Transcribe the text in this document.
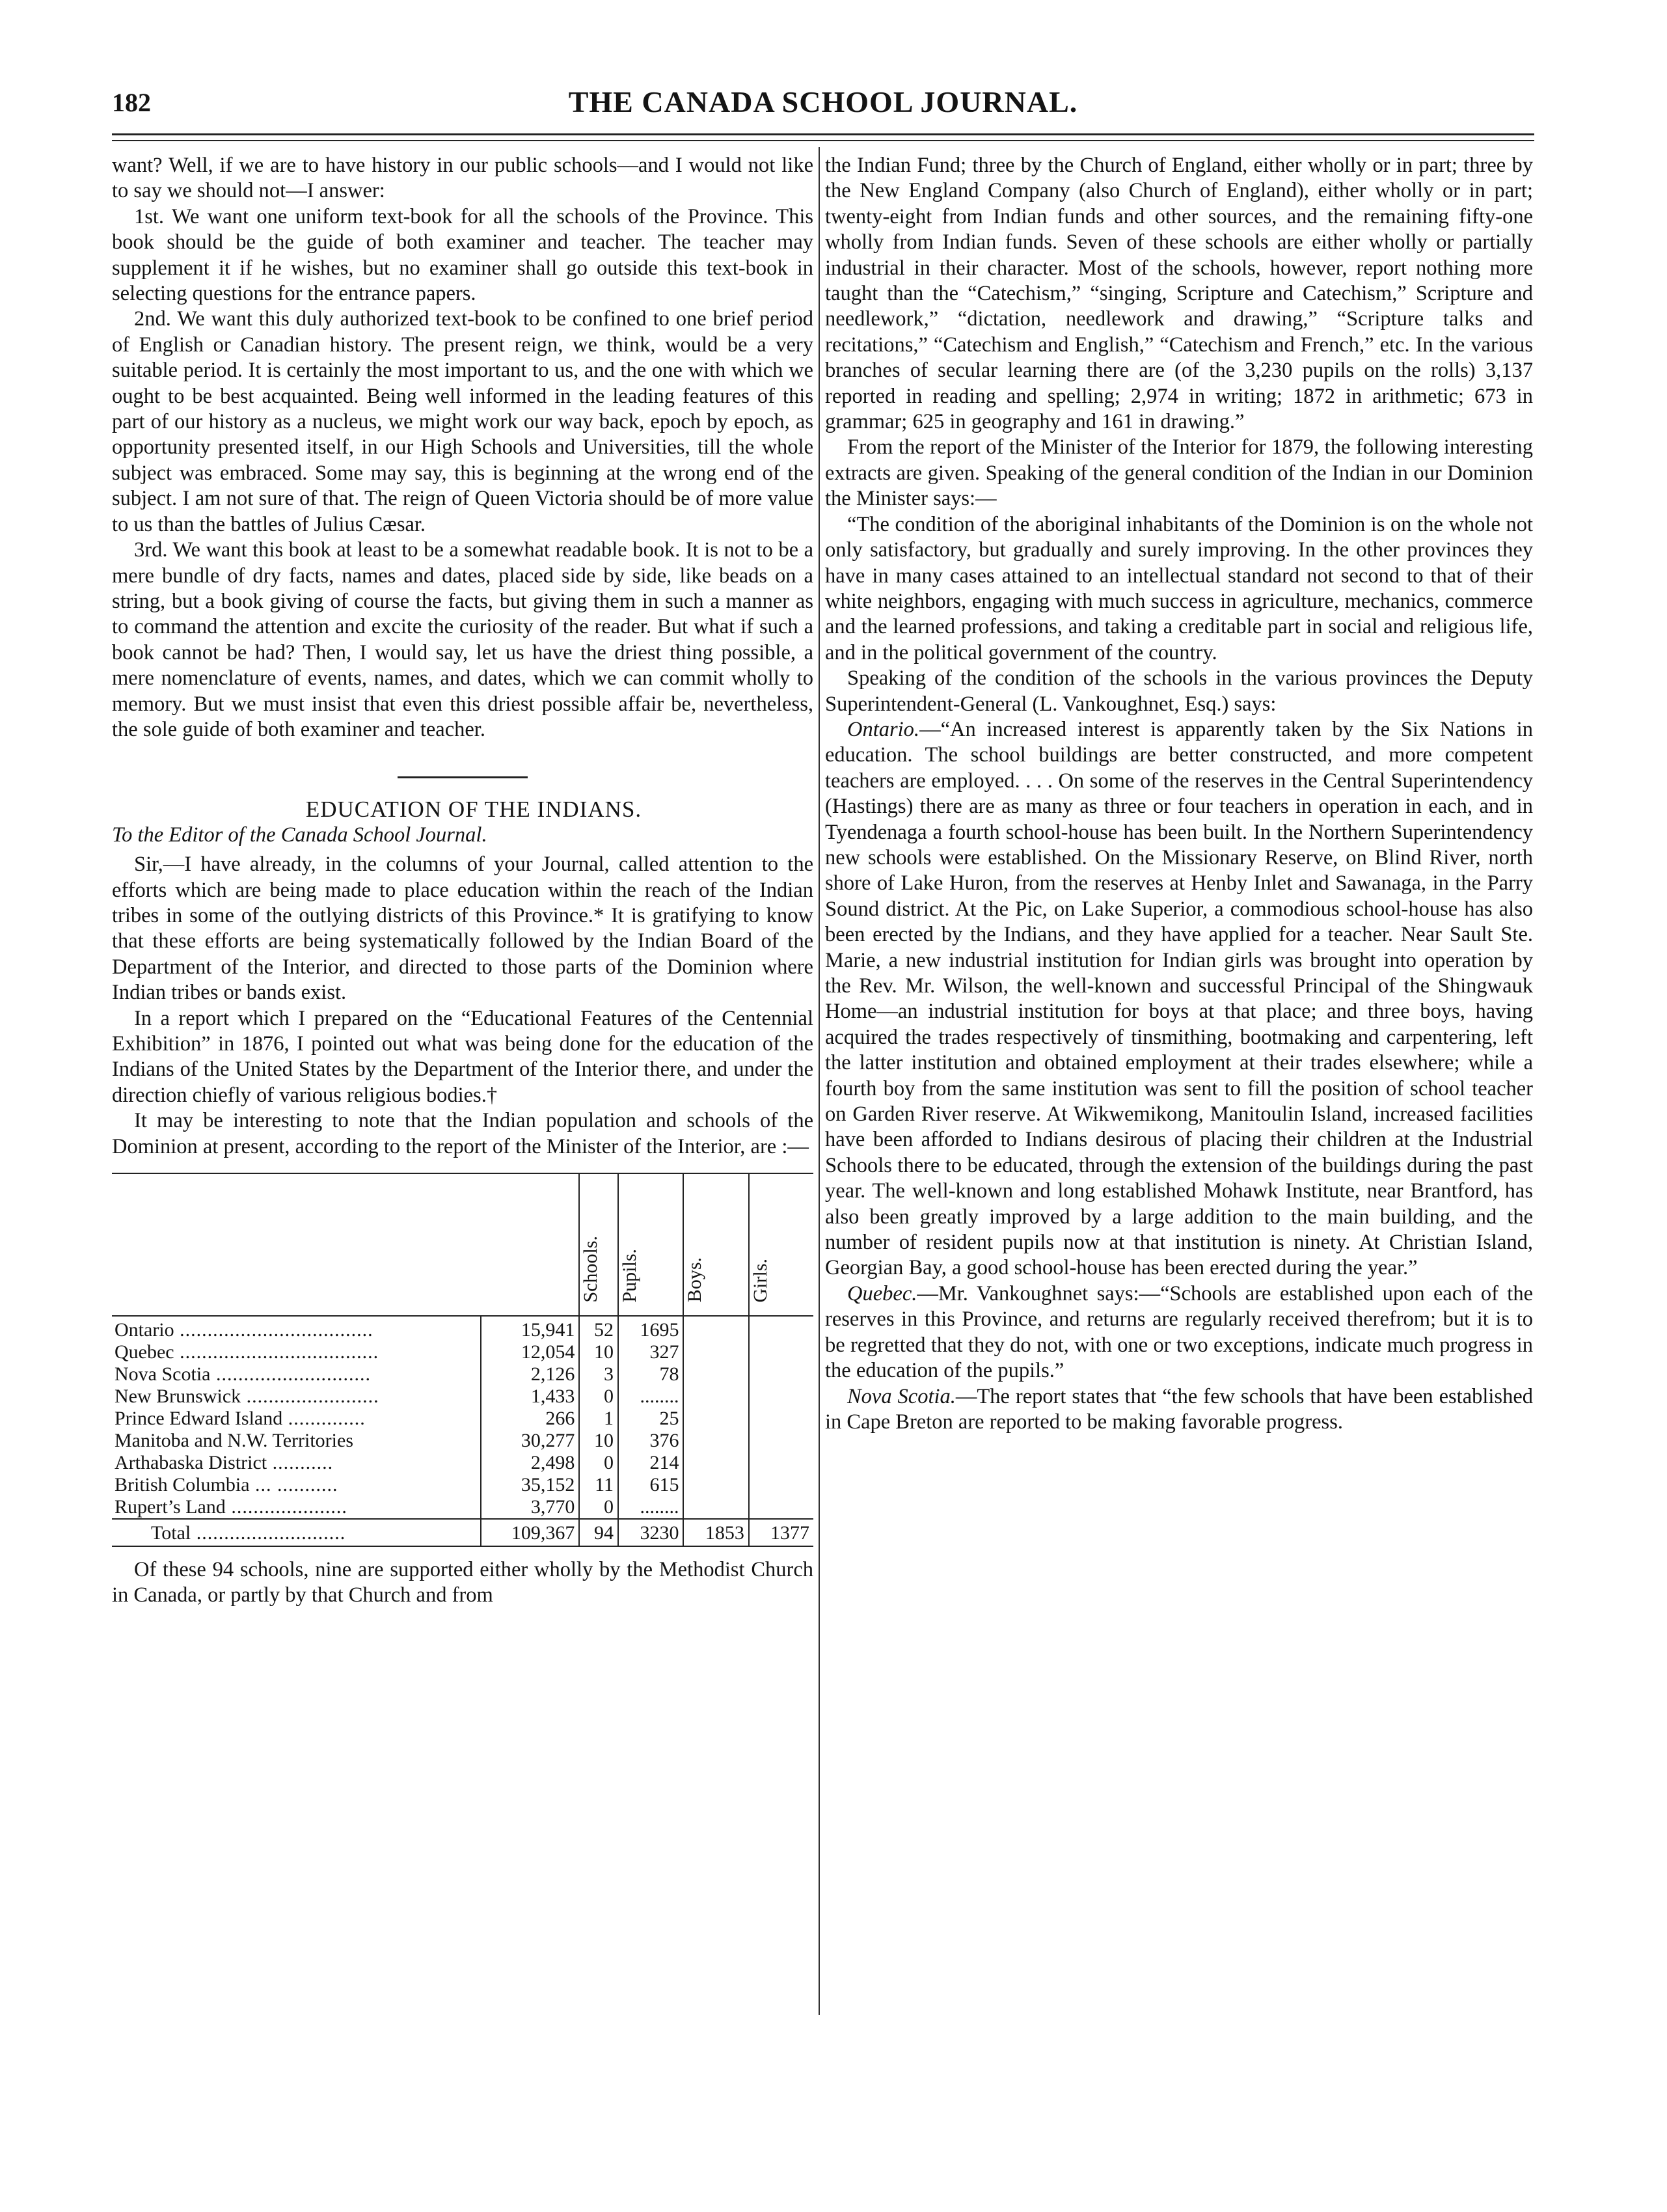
182	THE CANADA SCHOOL JOURNAL.

want? Well, if we are to have history in our public schools—and I would not like to say we should not—I answer:

1st. We want one uniform text-book for all the schools of the Province. This book should be the guide of both examiner and teacher. The teacher may supplement it if he wishes, but no examiner shall go outside this text-book in selecting questions for the entrance papers.

2nd. We want this duly authorized text-book to be confined to one brief period of English or Canadian history. The present reign, we think, would be a very suitable period. It is certainly the most important to us, and the one with which we ought to be best acquainted. Being well informed in the leading features of this part of our history as a nucleus, we might work our way back, epoch by epoch, as opportunity presented itself, in our High Schools and Universities, till the whole subject was embraced. Some may say, this is beginning at the wrong end of the subject. I am not sure of that. The reign of Queen Victoria should be of more value to us than the battles of Julius Cæsar.

3rd. We want this book at least to be a somewhat readable book. It is not to be a mere bundle of dry facts, names and dates, placed side by side, like beads on a string, but a book giving of course the facts, but giving them in such a manner as to command the attention and excite the curiosity of the reader. But what if such a book cannot be had? Then, I would say, let us have the driest thing possible, a mere nomenclature of events, names, and dates, which we can commit wholly to memory. But we must insist that even this driest possible affair be, nevertheless, the sole guide of both examiner and teacher.

EDUCATION OF THE INDIANS.

To the Editor of the Canada School Journal.

Sir,—I have already, in the columns of your Journal, called attention to the efforts which are being made to place education within the reach of the Indian tribes in some of the outlying districts of this Province.* It is gratifying to know that these efforts are being systematically followed by the Indian Board of the Department of the Interior, and directed to those parts of the Dominion where Indian tribes or bands exist.

In a report which I prepared on the “Educational Features of the Centennial Exhibition” in 1876, I pointed out what was being done for the education of the Indians of the United States by the Department of the Interior there, and under the direction chiefly of various religious bodies.†

It may be interesting to note that the Indian population and schools of the Dominion at present, according to the report of the Minister of the Interior, are :—

		Schools.	Pupils.	Boys.	Girls.
Ontario ...................................	15,941	52	1695		
Quebec ....................................	12,054	10	327		
Nova Scotia ............................	2,126	3	78		
New Brunswick ........................	1,433	0	........		
Prince Edward Island ..............	266	1	25		
Manitoba and N.W. Territories	30,277	10	376		
Arthabaska District ...........	2,498	0	214		
British Columbia ... ...........	35,152	11	615		
Rupert’s Land .....................	3,770	0	........		
Total ...........................	109,367	94	3230	1853	1377

Of these 94 schools, nine are supported either wholly by the Methodist Church in Canada, or partly by that Church and from

the Indian Fund; three by the Church of England, either wholly or in part; three by the New England Company (also Church of England), either wholly or in part; twenty-eight from Indian funds and other sources, and the remaining fifty-one wholly from Indian funds. Seven of these schools are either wholly or partially industrial in their character. Most of the schools, however, report nothing more taught than the “Catechism,” “singing, Scripture and Catechism,” Scripture and needlework,” “dictation, needlework and drawing,” “Scripture talks and recitations,” “Catechism and English,” “Catechism and French,” etc. In the various branches of secular learning there are (of the 3,230 pupils on the rolls) 3,137 reported in reading and spelling; 2,974 in writing; 1872 in arithmetic; 673 in grammar; 625 in geography and 161 in drawing.”

From the report of the Minister of the Interior for 1879, the following interesting extracts are given. Speaking of the general condition of the Indian in our Dominion the Minister says:—

“The condition of the aboriginal inhabitants of the Dominion is on the whole not only satisfactory, but gradually and surely improving. In the other provinces they have in many cases attained to an intellectual standard not second to that of their white neighbors, engaging with much success in agriculture, mechanics, commerce and the learned professions, and taking a creditable part in social and religious life, and in the political government of the country.

Speaking of the condition of the schools in the various provinces the Deputy Superintendent-General (L. Vankoughnet, Esq.) says:

Ontario.—“An increased interest is apparently taken by the Six Nations in education. The school buildings are better constructed, and more competent teachers are employed. . . . On some of the reserves in the Central Superintendency (Hastings) there are as many as three or four teachers in operation in each, and in Tyendenaga a fourth school-house has been built. In the Northern Superintendency new schools were established. On the Missionary Reserve, on Blind River, north shore of Lake Huron, from the reserves at Henby Inlet and Sawanaga, in the Parry Sound district. At the Pic, on Lake Superior, a commodious school-house has also been erected by the Indians, and they have applied for a teacher. Near Sault Ste. Marie, a new industrial institution for Indian girls was brought into operation by the Rev. Mr. Wilson, the well-known and successful Principal of the Shingwauk Home—an industrial institution for boys at that place; and three boys, having acquired the trades respectively of tinsmithing, bootmaking and carpentering, left the latter institution and obtained employment at their trades elsewhere; while a fourth boy from the same institution was sent to fill the position of school teacher on Garden River reserve. At Wikwemikong, Manitoulin Island, increased facilities have been afforded to Indians desirous of placing their children at the Industrial Schools there to be educated, through the extension of the buildings during the past year. The well-known and long established Mohawk Institute, near Brantford, has also been greatly improved by a large addition to the main building, and the number of resident pupils now at that institution is ninety. At Christian Island, Georgian Bay, a good school-house has been erected during the year.”

Quebec.—Mr. Vankoughnet says:—“Schools are established upon each of the reserves in this Province, and returns are regularly received therefrom; but it is to be regretted that they do not, with one or two exceptions, indicate much progress in the education of the pupils.”

Nova Scotia.—The report states that “the few schools that have been established in Cape Breton are reported to be making favorable progress.
